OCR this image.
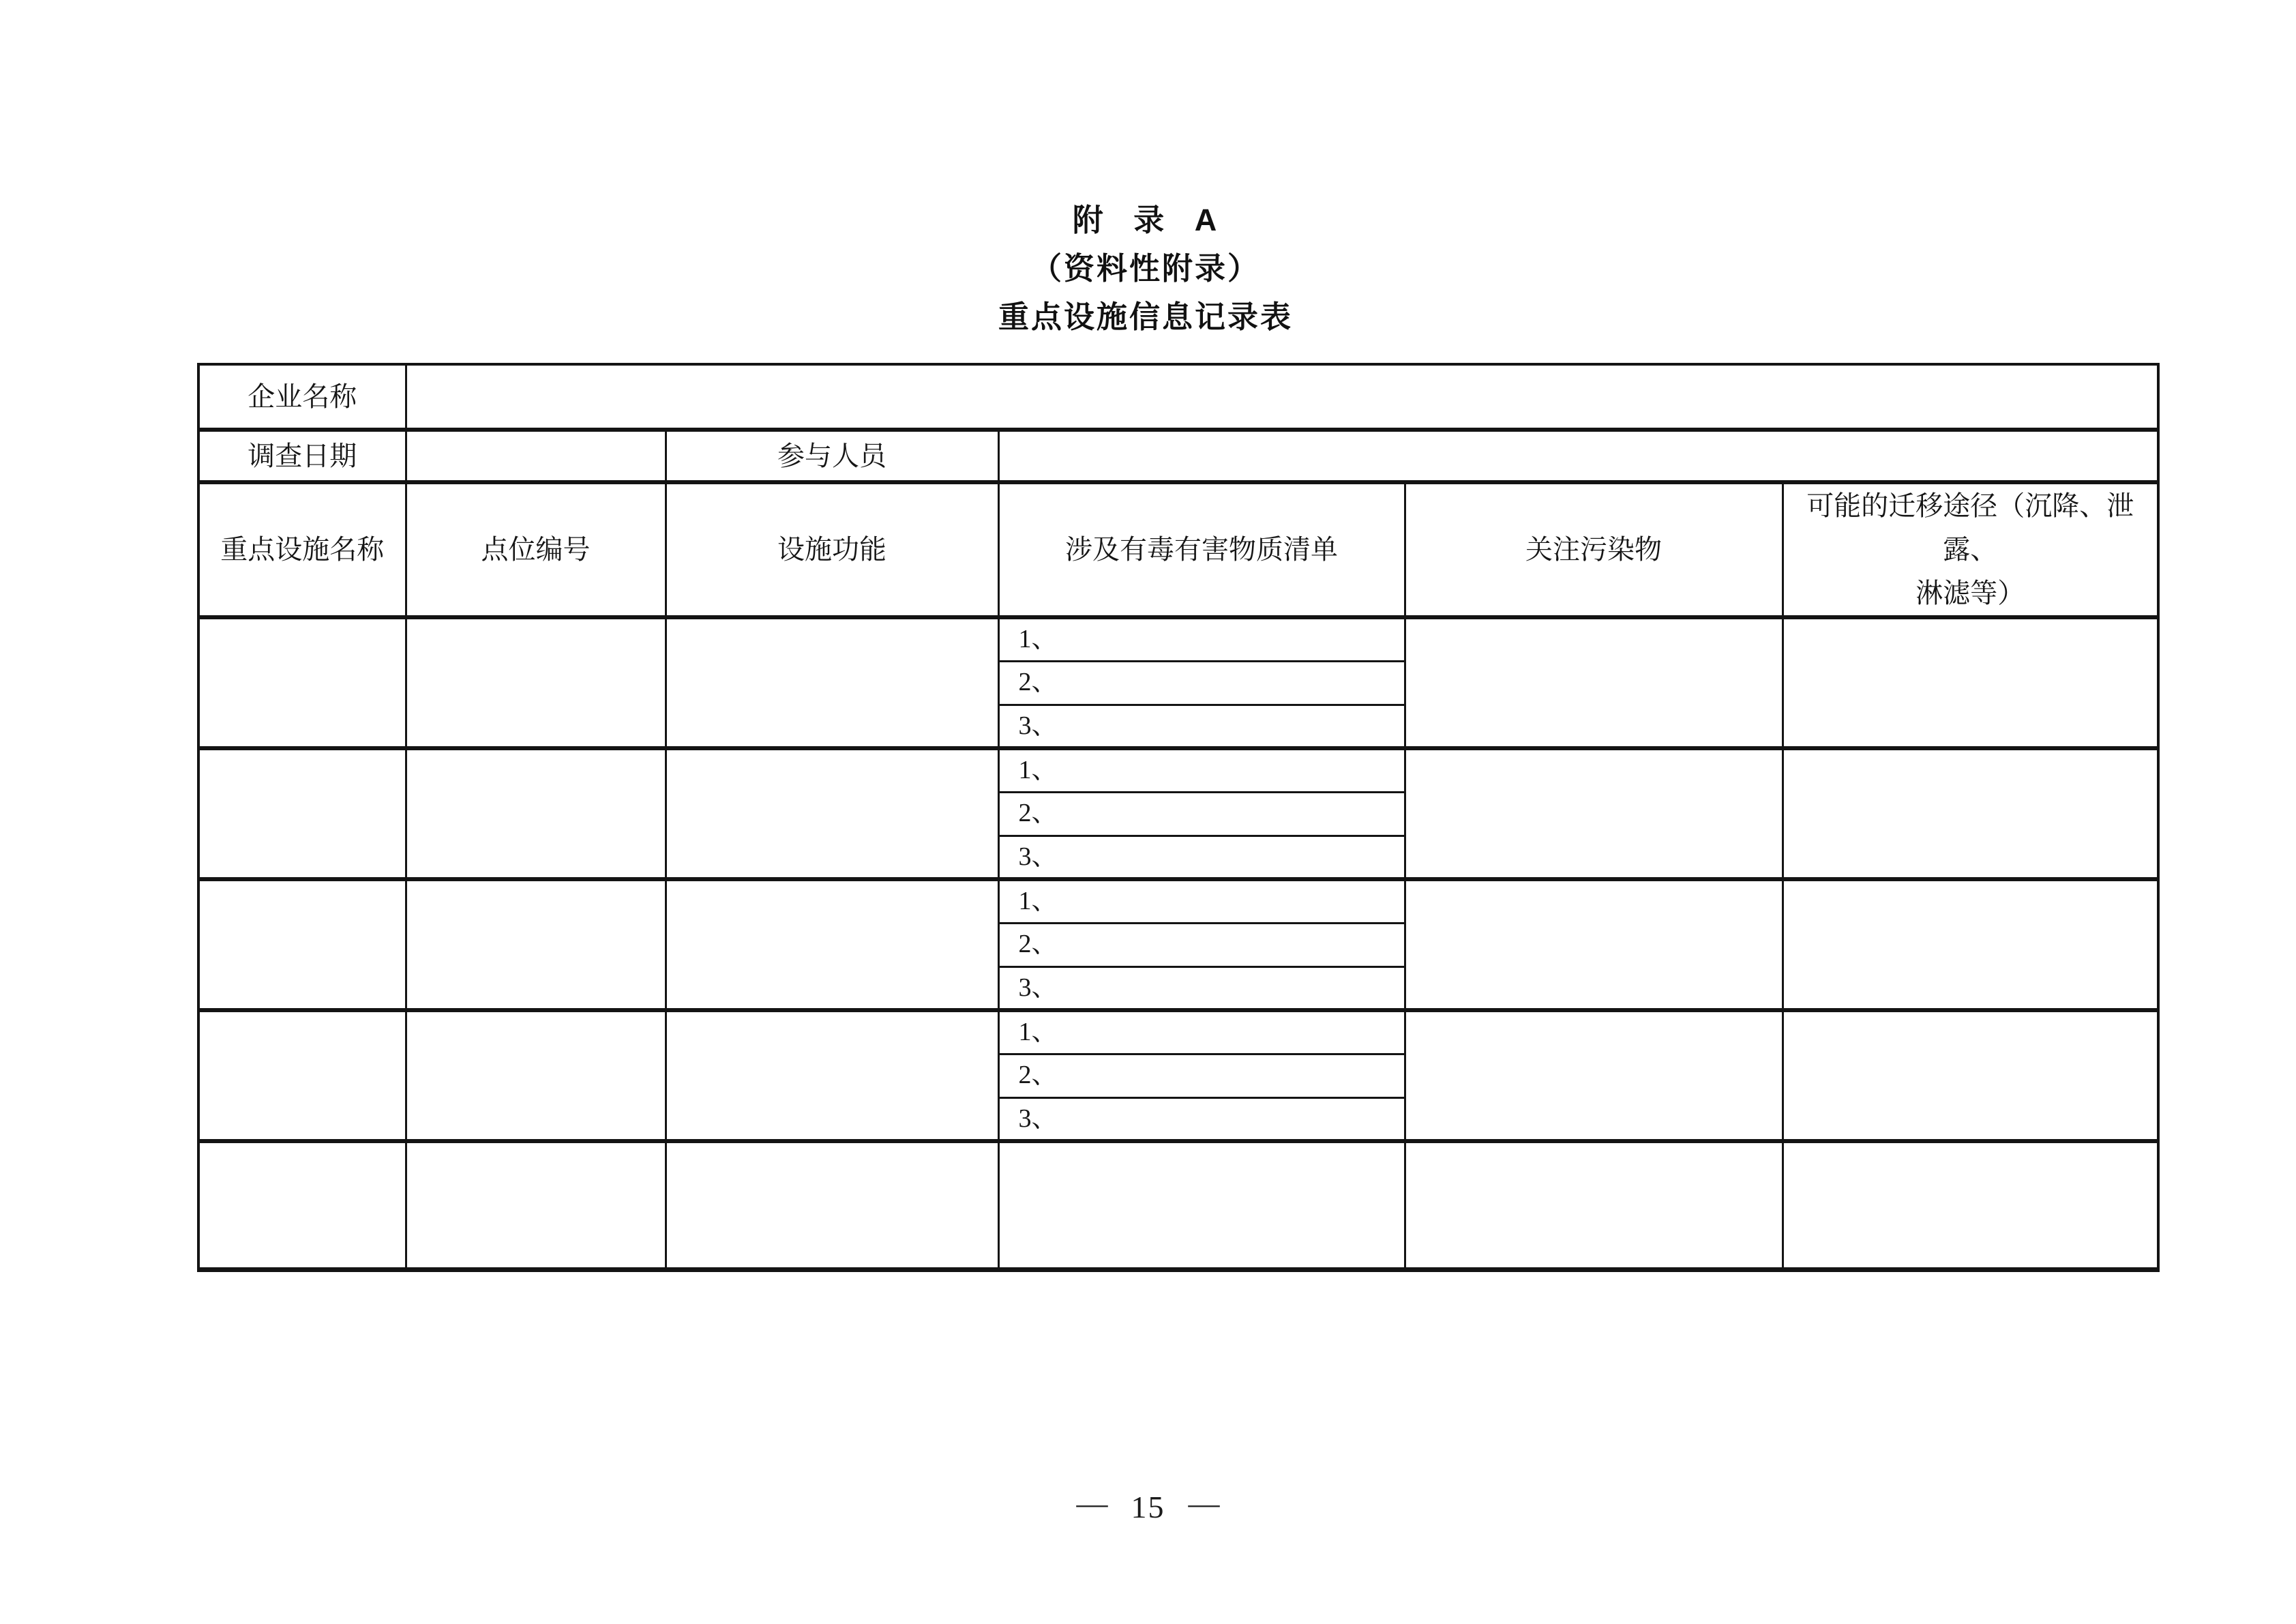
附 录 A
（资料性附录）
重点设施信息记录表
企业名称					
调查日期		参与人员			
重点设施名称	点位编号	设施功能	涉及有毒有害物质清单	关注污染物	可能的迁移途径（沉降、泄露、
淋滤等）

			1、		
			2、		
			3、		
			1、		
			2、		
			3、		
			1、		
			2、		
			3、		
			1、		
			2、		
			3、		

— 15 —
